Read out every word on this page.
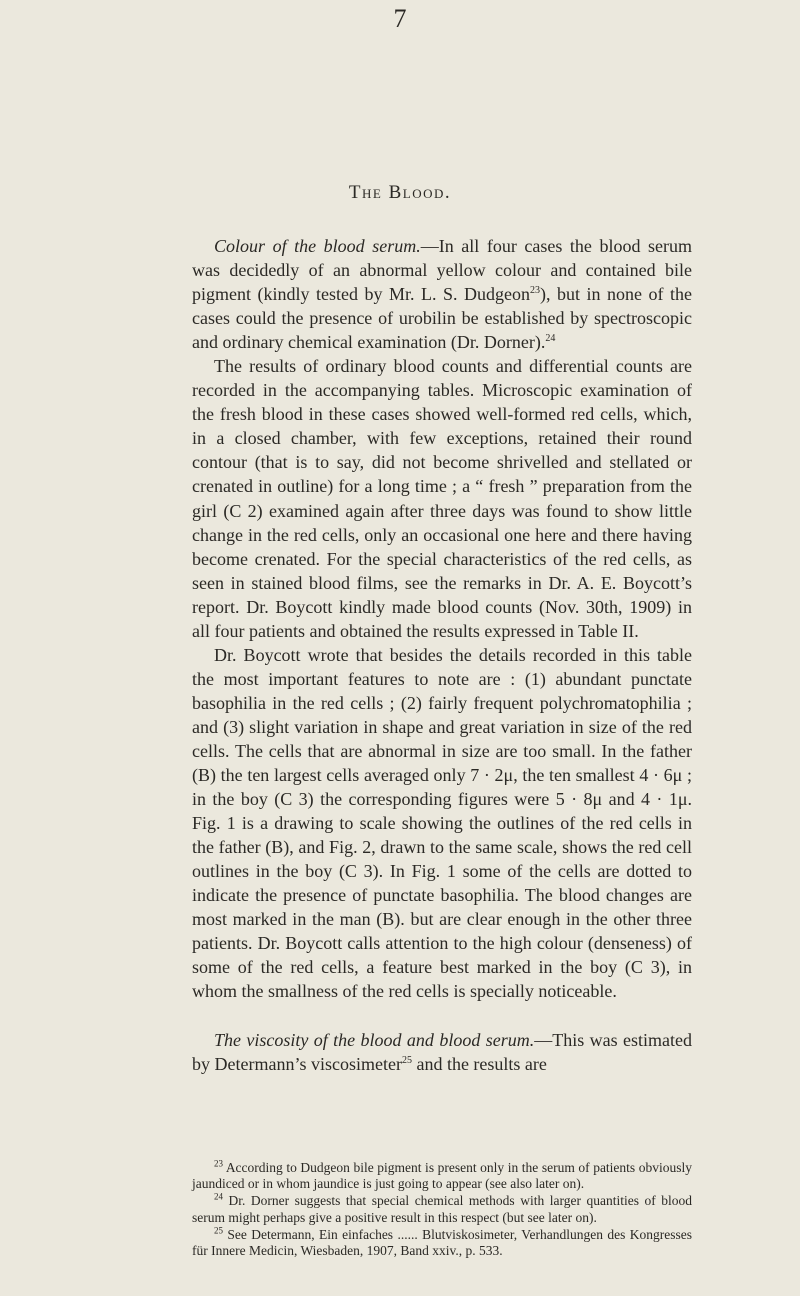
7
The Blood.

Colour of the blood serum.—In all four cases the blood serum was decidedly of an abnormal yellow colour and contained bile pigment (kindly tested by Mr. L. S. Dudgeon$^{23}$), but in none of the cases could the presence of urobilin be established by spectroscopic and ordinary chemical examination (Dr. Dorner).$^{24}$

The results of ordinary blood counts and differential counts are recorded in the accompanying tables. Microscopic examination of the fresh blood in these cases showed well-formed red cells, which, in a closed chamber, with few exceptions, retained their round contour (that is to say, did not become shrivelled and stellated or crenated in outline) for a long time ; a “ fresh ” preparation from the girl (C 2) examined again after three days was found to show little change in the red cells, only an occasional one here and there having become crenated. For the special characteristics of the red cells, as seen in stained blood films, see the remarks in Dr. A. E. Boycott’s report. Dr. Boycott kindly made blood counts (Nov. 30th, 1909) in all four patients and obtained the results expressed in Table II.

Dr. Boycott wrote that besides the details recorded in this table the most important features to note are : (1) abundant punctate basophilia in the red cells ; (2) fairly frequent polychromatophilia ; and (3) slight variation in shape and great variation in size of the red cells. The cells that are abnormal in size are too small. In the father (B) the ten largest cells averaged only 7 · 2μ, the ten smallest 4 · 6μ ; in the boy (C 3) the corresponding figures were 5 · 8μ and 4 · 1μ. Fig. 1 is a drawing to scale showing the outlines of the red cells in the father (B), and Fig. 2, drawn to the same scale, shows the red cell outlines in the boy (C 3). In Fig. 1 some of the cells are dotted to indicate the presence of punctate basophilia. The blood changes are most marked in the man (B). but are clear enough in the other three patients. Dr. Boycott calls attention to the high colour (denseness) of some of the red cells, a feature best marked in the boy (C 3), in whom the smallness of the red cells is specially noticeable.

The viscosity of the blood and blood serum.—This was estimated by Determann’s viscosimeter$^{25}$ and the results are

$^{23}$ According to Dudgeon bile pigment is present only in the serum of patients obviously jaundiced or in whom jaundice is just going to appear (see also later on).

$^{24}$ Dr. Dorner suggests that special chemical methods with larger quantities of blood serum might perhaps give a positive result in this respect (but see later on).

$^{25}$ See Determann, Ein einfaches ...... Blutviskosimeter, Verhandlungen des Kongresses für Innere Medicin, Wiesbaden, 1907, Band xxiv., p. 533.
